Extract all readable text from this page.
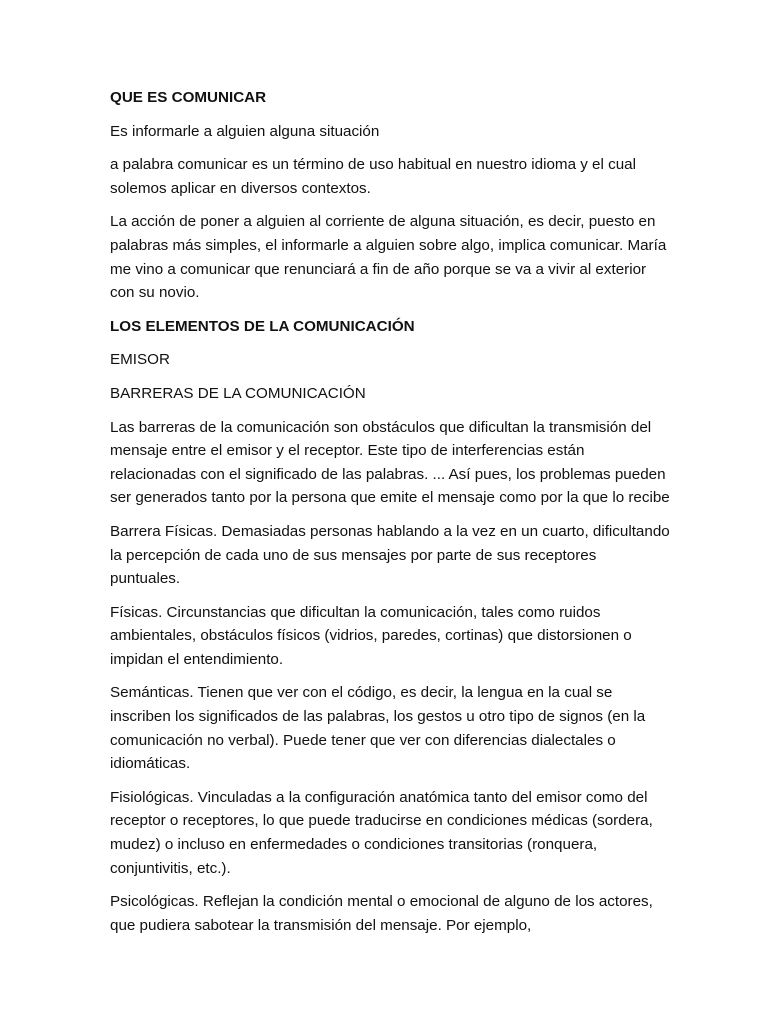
QUE ES COMUNICAR

Es informarle a alguien alguna situación

a palabra comunicar es un término de uso habitual en nuestro idioma y el cual solemos aplicar en diversos contextos.

La acción de poner a alguien al corriente de alguna situación, es decir, puesto en palabras más simples, el informarle a alguien sobre algo, implica comunicar. María me vino a comunicar que renunciará a fin de año porque se va a vivir al exterior con su novio.

LOS ELEMENTOS DE LA COMUNICACIÓN

EMISOR

BARRERAS DE LA COMUNICACIÓN

Las barreras de la comunicación son obstáculos que dificultan la transmisión del mensaje entre el emisor y el receptor. Este tipo de interferencias están relacionadas con el significado de las palabras. ... Así pues, los problemas pueden ser generados tanto por la persona que emite el mensaje como por la que lo recibe

Barrera Físicas. Demasiadas personas hablando a la vez en un cuarto, dificultando la percepción de cada uno de sus mensajes por parte de sus receptores puntuales.

Físicas. Circunstancias que dificultan la comunicación, tales como ruidos ambientales, obstáculos físicos (vidrios, paredes, cortinas) que distorsionen o impidan el entendimiento.

Semánticas. Tienen que ver con el código, es decir, la lengua en la cual se inscriben los significados de las palabras, los gestos u otro tipo de signos (en la comunicación no verbal). Puede tener que ver con diferencias dialectales o idiomáticas.

Fisiológicas. Vinculadas a la configuración anatómica tanto del emisor como del receptor o receptores, lo que puede traducirse en condiciones médicas (sordera, mudez) o incluso en enfermedades o condiciones transitorias (ronquera, conjuntivitis, etc.).

Psicológicas. Reflejan la condición mental o emocional de alguno de los actores, que pudiera sabotear la transmisión del mensaje. Por ejemplo,
